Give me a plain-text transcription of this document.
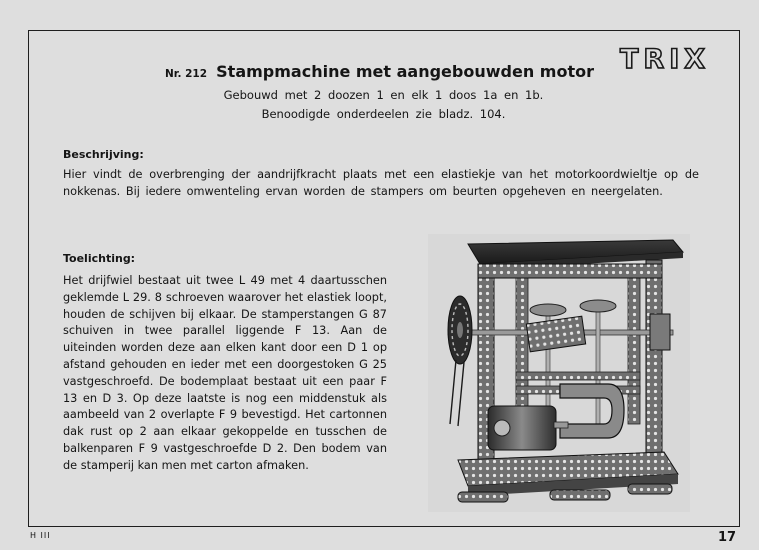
TRIX
Nr. 212 Stampmachine met aangebouwden motor
Gebouwd met 2 doozen 1 en elk 1 doos 1a en 1b.
Benoodigde onderdeelen zie bladz. 104.
Beschrijving:
Hier vindt de overbrenging der aandrijfkracht plaats met een elastiekje van het motorkoordwieltje op de nokkenas. Bij iedere omwenteling ervan worden de stampers om beurten opgeheven en neergelaten.
Toelichting:
Het drijfwiel bestaat uit twee L 49 met 4 daartusschen geklemde L 29. 8 schroeven waarover het elastiek loopt, houden de schijven bij elkaar. De stamperstangen G 87 schuiven in twee parallel liggende F 13. Aan de uiteinden worden deze aan elken kant door een D 1 op afstand gehouden en ieder met een doorgestoken G 25 vastgeschroefd. De bodemplaat bestaat uit een paar F 13 en D 3. Op deze laatste is nog een middenstuk als aambeeld van 2 overlapte F 9 bevestigd. Het cartonnen dak rust op 2 aan elkaar gekoppelde en tusschen de balkenparen F 9 vastgeschroefde D 2. Den bodem van de stamperij kan men met carton afmaken.
H III	17
